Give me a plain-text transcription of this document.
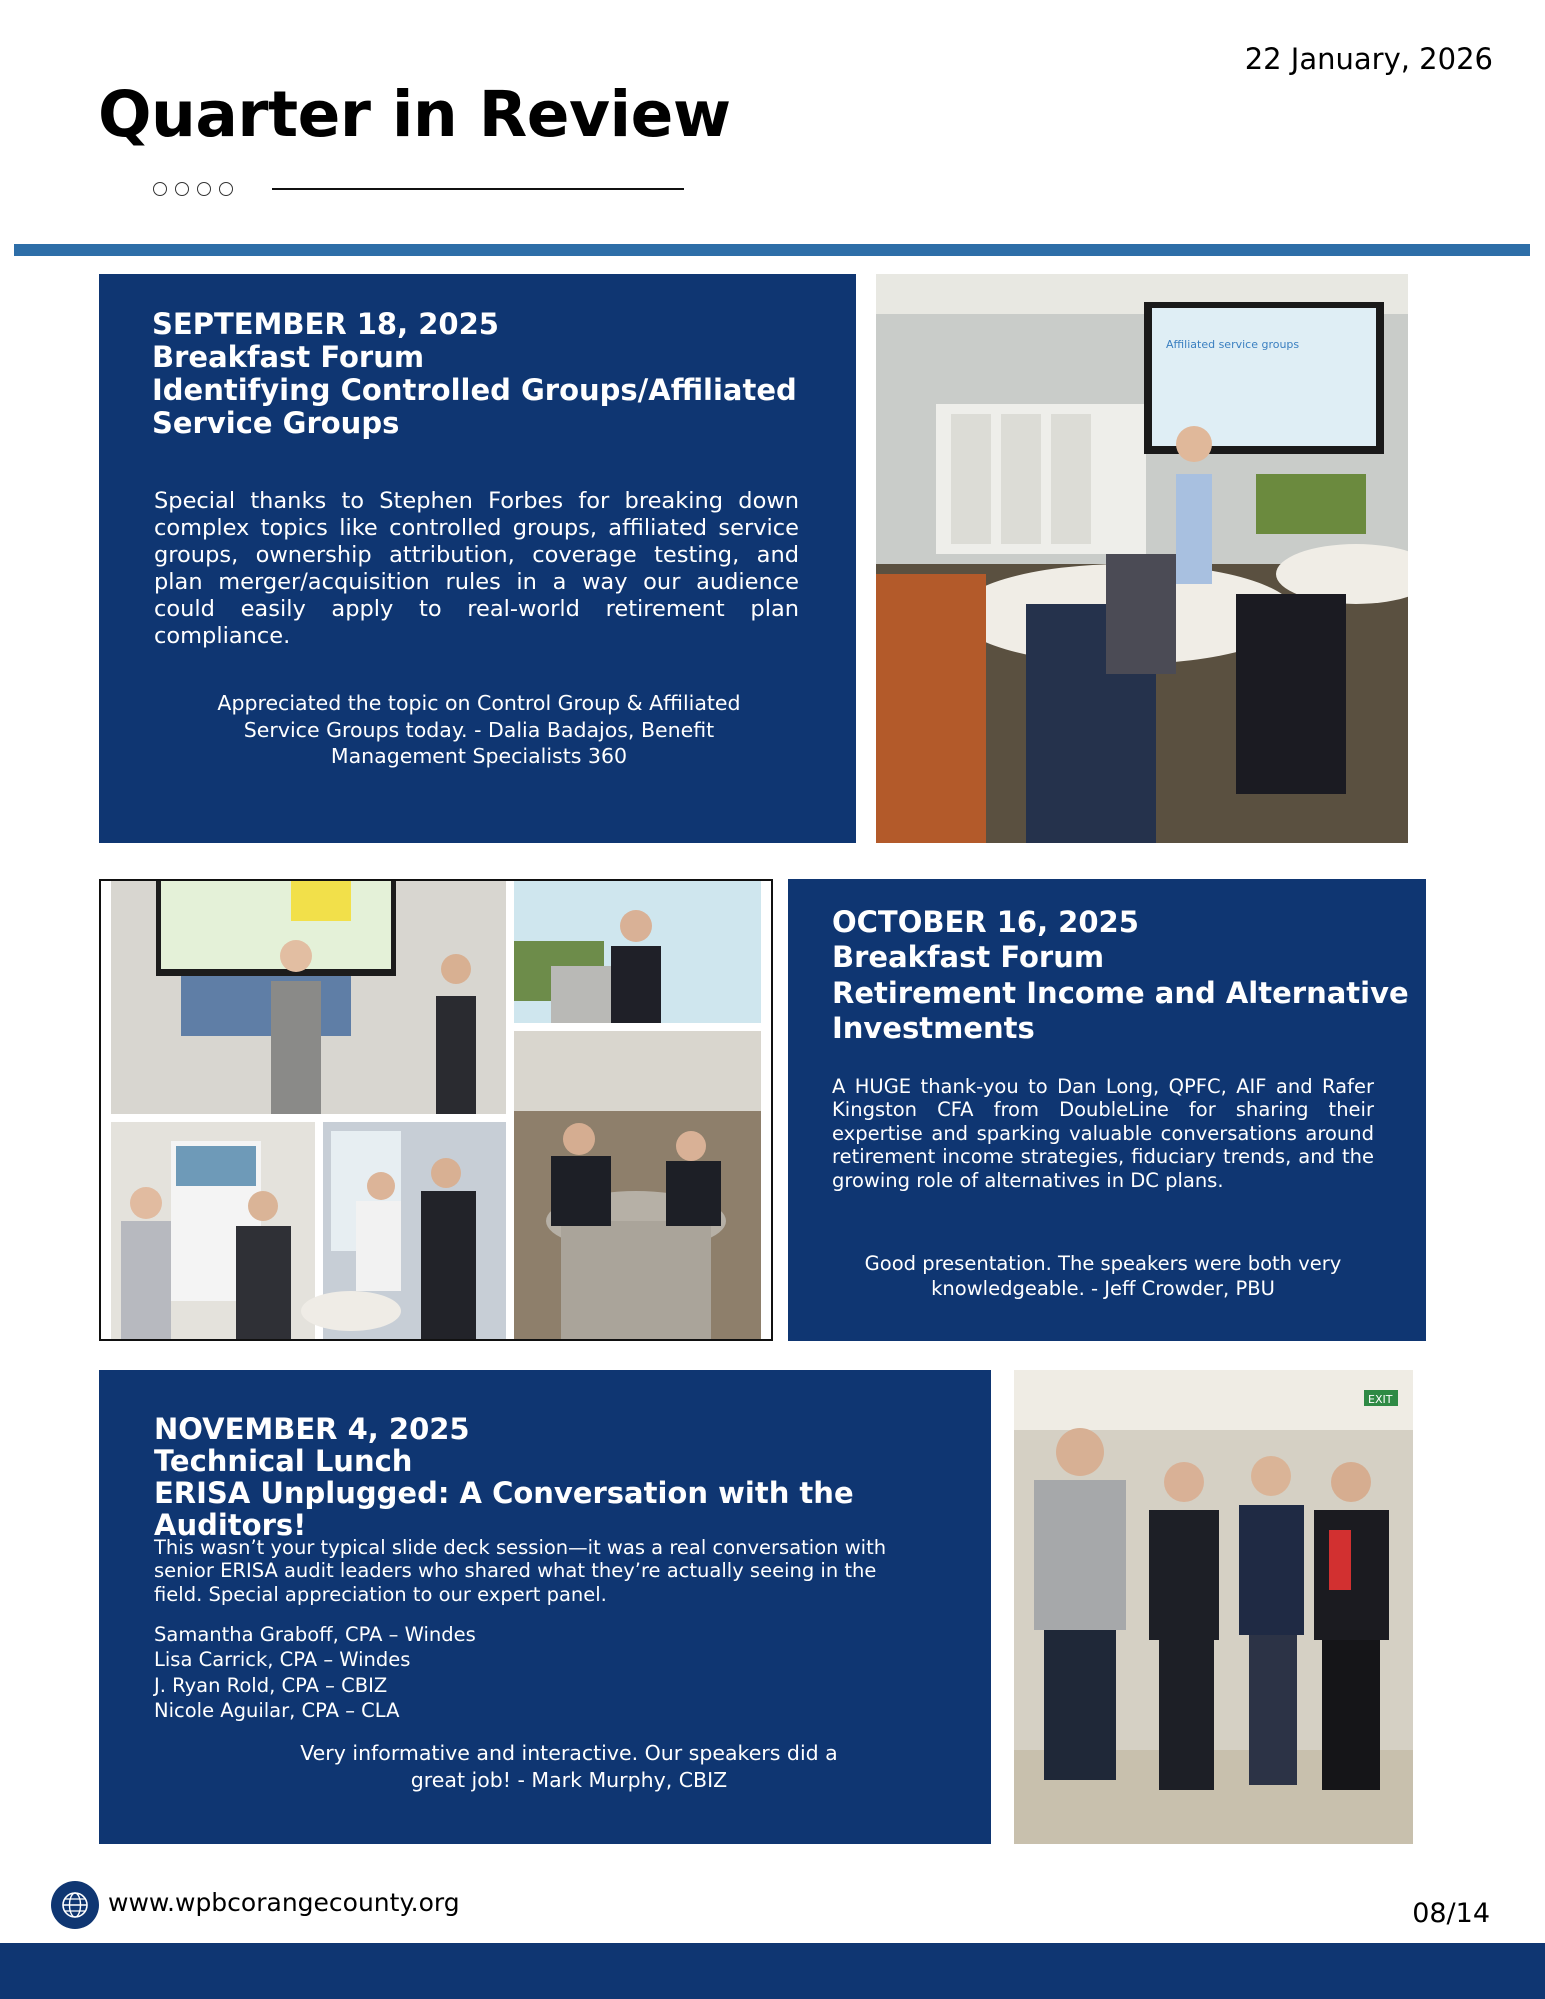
22 January, 2026
Quarter in Review
SEPTEMBER 18, 2025
Breakfast Forum
Identifying Controlled Groups/Affiliated Service Groups
Special thanks to Stephen Forbes for breaking down complex topics like controlled groups, affiliated service groups, ownership attribution, coverage testing, and plan merger/acquisition rules in a way our audience could easily apply to real-world retirement plan compliance.
Appreciated the topic on Control Group & Affiliated Service Groups today. - Dalia Badajos, Benefit Management Specialists 360
Affiliated service groups
OCTOBER 16, 2025
Breakfast Forum
Retirement Income and Alternative Investments
A HUGE thank-you to Dan Long, QPFC, AIF and Rafer Kingston CFA from DoubleLine for sharing their expertise and sparking valuable conversations around retirement income strategies, fiduciary trends, and the growing role of alternatives in DC plans.
Good presentation. The speakers were both very knowledgeable. - Jeff Crowder, PBU
NOVEMBER 4, 2025
Technical Lunch
ERISA Unplugged: A Conversation with the Auditors!
This wasn’t your typical slide deck session—it was a real conversation with senior ERISA audit leaders who shared what they’re actually seeing in the field. Special appreciation to our expert panel.
Samantha Graboff, CPA – Windes
Lisa Carrick, CPA – Windes
J. Ryan Rold, CPA – CBIZ
Nicole Aguilar, CPA – CLA
Very informative and interactive. Our speakers did a great job! - Mark Murphy, CBIZ
EXIT
www.wpbcorangecounty.org	08/14
